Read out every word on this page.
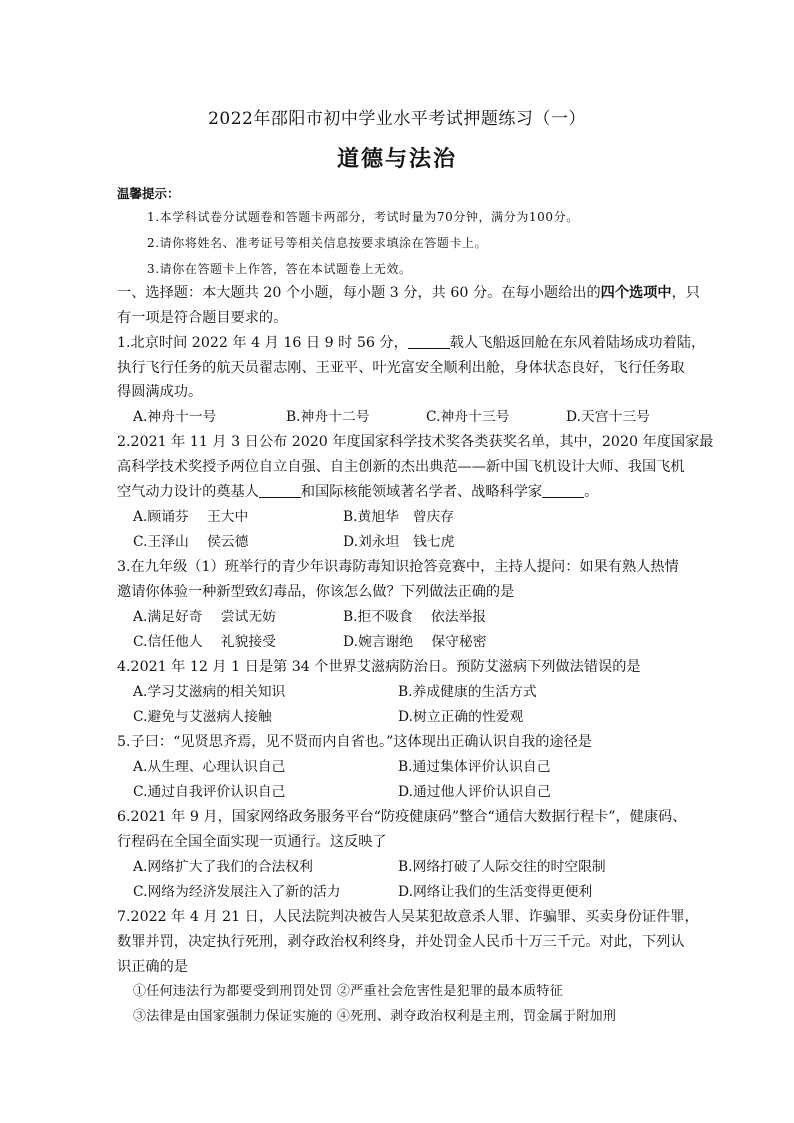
2022年邵阳市初中学业水平考试押题练习（一）
道德与法治
温馨提示：
1.本学科试卷分试题卷和答题卡两部分，考试时量为70分钟，满分为100分。
2.请你将姓名、准考证号等相关信息按要求填涂在答题卡上。
3.请你在答题卡上作答，答在本试题卷上无效。
一、选择题：本大题共 20 个小题，每小题 3 分，共 60 分。在每小题给出的四个选项中，只
有一项是符合题目要求的。
1.北京时间 2022 年 4 月 16 日 9 时 56 分，	载人飞船返回舱在东风着陆场成功着陆，
执行飞行任务的航天员翟志刚、王亚平、叶光富安全顺利出舱，身体状态良好，飞行任务取
得圆满成功。
A.神舟十一号	B.神舟十二号	C.神舟十三号	D.天宫十三号
2.2021 年 11 月 3 日公布 2020 年度国家科学技术奖各类获奖名单，其中，2020 年度国家最
高科学技术奖授予两位自立自强、自主创新的杰出典范——新中国飞机设计大师、我国飞机
空气动力设计的奠基人	和国际核能领域著名学者、战略科学家	。
A.顾诵芬　 王大中	B.黄旭华　曾庆存
C.王泽山　 侯云德	D.刘永坦　钱七虎
3.在九年级（1）班举行的青少年识毒防毒知识抢答竞赛中，主持人提问：如果有熟人热情
邀请你体验一种新型致幻毒品，你该怎么做？下列做法正确的是
A.满足好奇　 尝试无妨	B.拒不吸食　 依法举报
C.信任他人　 礼貌接受	D.婉言谢绝　 保守秘密
4.2021 年 12 月 1 日是第 34 个世界艾滋病防治日。预防艾滋病下列做法错误的是
A.学习艾滋病的相关知识	B.养成健康的生活方式
C.避免与艾滋病人接触	D.树立正确的性爱观
5.子曰：“见贤思齐焉，见不贤而内自省也。”这体现出正确认识自我的途径是
A.从生理、心理认识自己	B.通过集体评价认识自己
C.通过自我评价认识自己	D.通过他人评价认识自己
6.2021 年 9 月，国家网络政务服务平台“防疫健康码”整合“通信大数据行程卡”，健康码、
行程码在全国全面实现一页通行。这反映了
A.网络扩大了我们的合法权利	B.网络打破了人际交往的时空限制
C.网络为经济发展注入了新的活力	D.网络让我们的生活变得更便利
7.2022 年 4 月 21 日，人民法院判决被告人吴某犯故意杀人罪、诈骗罪、买卖身份证件罪，
数罪并罚，决定执行死刑，剥夺政治权利终身，并处罚金人民币十万三千元。对此，下列认
识正确的是
①任何违法行为都要受到刑罚处罚 ②严重社会危害性是犯罪的最本质特征
③法律是由国家强制力保证实施的 ④死刑、剥夺政治权利是主刑，罚金属于附加刑
